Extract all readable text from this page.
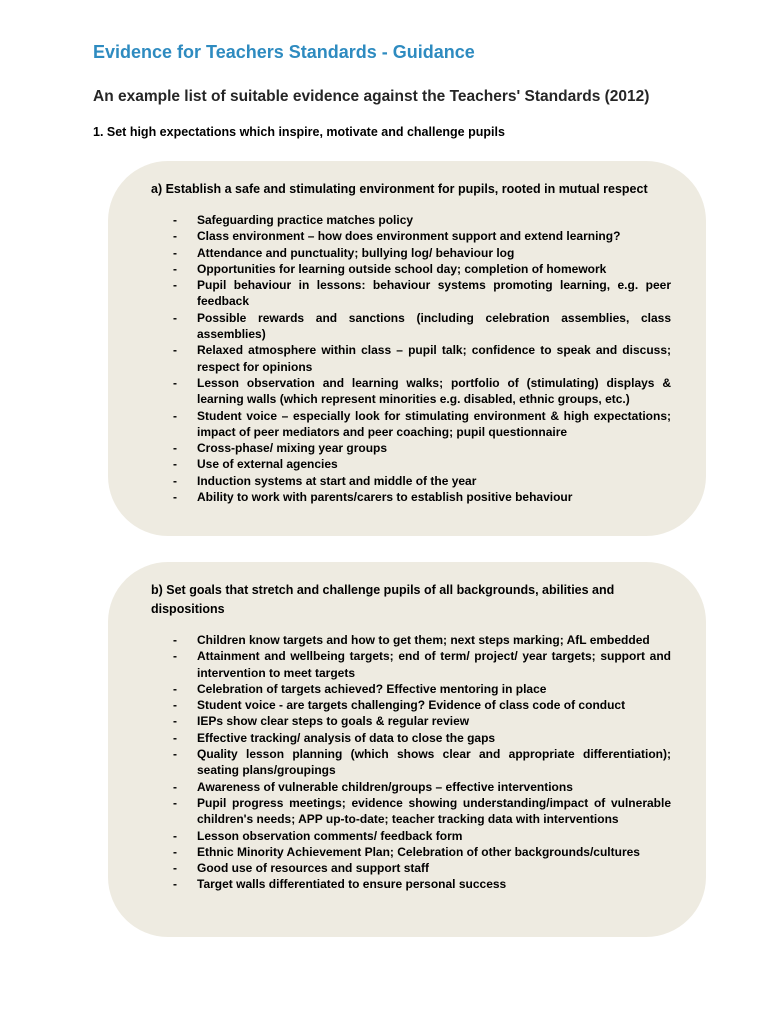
Evidence for Teachers Standards - Guidance
An example list of suitable evidence against the Teachers' Standards (2012)
1. Set high expectations which inspire, motivate and challenge pupils
a) Establish a safe and stimulating environment for pupils, rooted in mutual respect
- Safeguarding practice matches policy
- Class environment – how does environment support and extend learning?
- Attendance and punctuality; bullying log/ behaviour log
- Opportunities for learning outside school day; completion of homework
- Pupil behaviour in lessons: behaviour systems promoting learning, e.g. peer feedback
- Possible rewards and sanctions (including celebration assemblies, class assemblies)
- Relaxed atmosphere within class – pupil talk; confidence to speak and discuss; respect for opinions
- Lesson observation and learning walks; portfolio of (stimulating) displays & learning walls (which represent minorities e.g. disabled, ethnic groups, etc.)
- Student voice – especially look for stimulating environment & high expectations; impact of peer mediators and peer coaching; pupil questionnaire
- Cross-phase/ mixing year groups
- Use of external agencies
- Induction systems at start and middle of the year
- Ability to work with parents/carers to establish positive behaviour
b) Set goals that stretch and challenge pupils of all backgrounds, abilities and dispositions
- Children know targets and how to get them; next steps marking; AfL embedded
- Attainment and wellbeing targets; end of term/ project/ year targets; support and intervention to meet targets
- Celebration of targets achieved? Effective mentoring in place
- Student voice - are targets challenging? Evidence of class code of conduct
- IEPs show clear steps to goals & regular review
- Effective tracking/ analysis of data to close the gaps
- Quality lesson planning (which shows clear and appropriate differentiation); seating plans/groupings
- Awareness of vulnerable children/groups – effective interventions
- Pupil progress meetings; evidence showing understanding/impact of vulnerable children's needs; APP up-to-date; teacher tracking data with interventions
- Lesson observation comments/ feedback form
- Ethnic Minority Achievement Plan; Celebration of other backgrounds/cultures
- Good use of resources and support staff
- Target walls differentiated to ensure personal success
